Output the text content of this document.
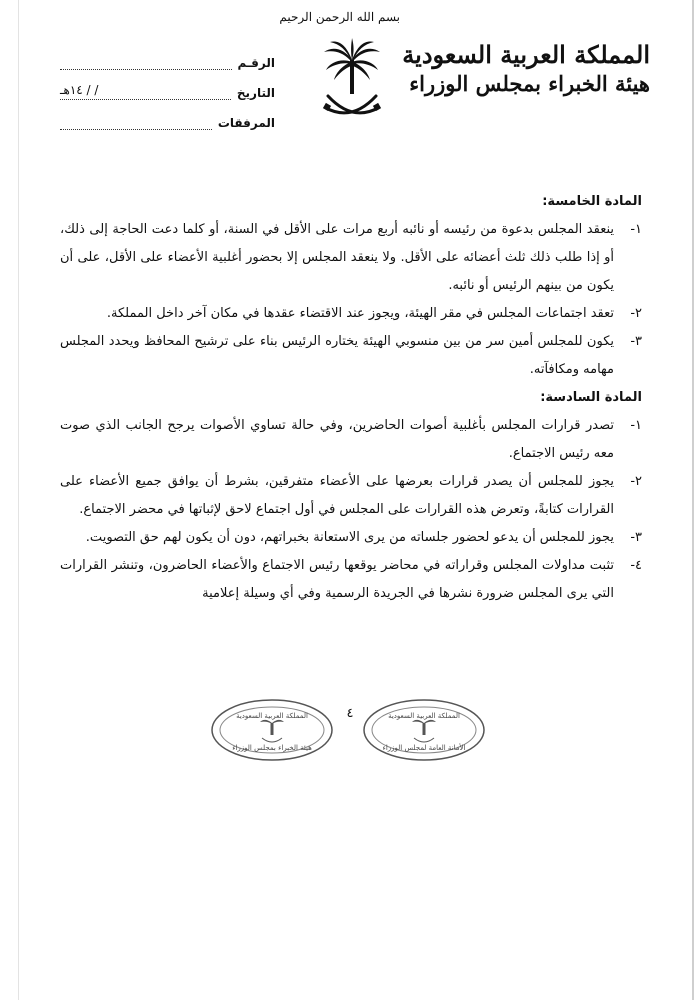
المملكة العربية السعودية
هيئة الخبراء بمجلس الوزراء
بسم الله الرحمن الرحيم
الرقـم
التاريخ
/ / ١٤هـ
المرفقات
المادة الخامسة:
١-
ينعقد المجلس بدعوة من رئيسه أو نائبه أربع مرات على الأقل في السنة، أو كلما دعت الحاجة إلى ذلك، أو إذا طلب ذلك ثلث أعضائه على الأقل. ولا ينعقد المجلس إلا بحضور أغلبية الأعضاء على الأقل، على أن يكون من بينهم الرئيس أو نائبه.
٢-
تعقد اجتماعات المجلس في مقر الهيئة، ويجوز عند الاقتضاء عقدها في مكان آخر داخل المملكة.
٣-
يكون للمجلس أمين سر من بين منسوبي الهيئة يختاره الرئيس بناء على ترشيح المحافظ ويحدد المجلس مهامه ومكافآته.
المادة السادسة:
١-
تصدر قرارات المجلس بأغلبية أصوات الحاضرين، وفي حالة تساوي الأصوات يرجح الجانب الذي صوت معه رئيس الاجتماع.
٢-
يجوز للمجلس أن يصدر قرارات بعرضها على الأعضاء متفرقين، بشرط أن يوافق جميع الأعضاء على القرارات كتابةً، وتعرض هذه القرارات على المجلس في أول اجتماع لاحق لإثباتها في محضر الاجتماع.
٣-
يجوز للمجلس أن يدعو لحضور جلساته من يرى الاستعانة بخبراتهم، دون أن يكون لهم حق التصويت.
٤-
تثبت مداولات المجلس وقراراته في محاضر يوقعها رئيس الاجتماع والأعضاء الحاضرون، وتنشر القرارات التي يرى المجلس ضرورة نشرها في الجريدة الرسمية وفي أي وسيلة إعلامية
٤
المملكة العربية السعودية
هيئة الخبراء بمجلس الوزراء
المملكة العربية السعودية
الأمانة العامة لمجلس الوزراء
